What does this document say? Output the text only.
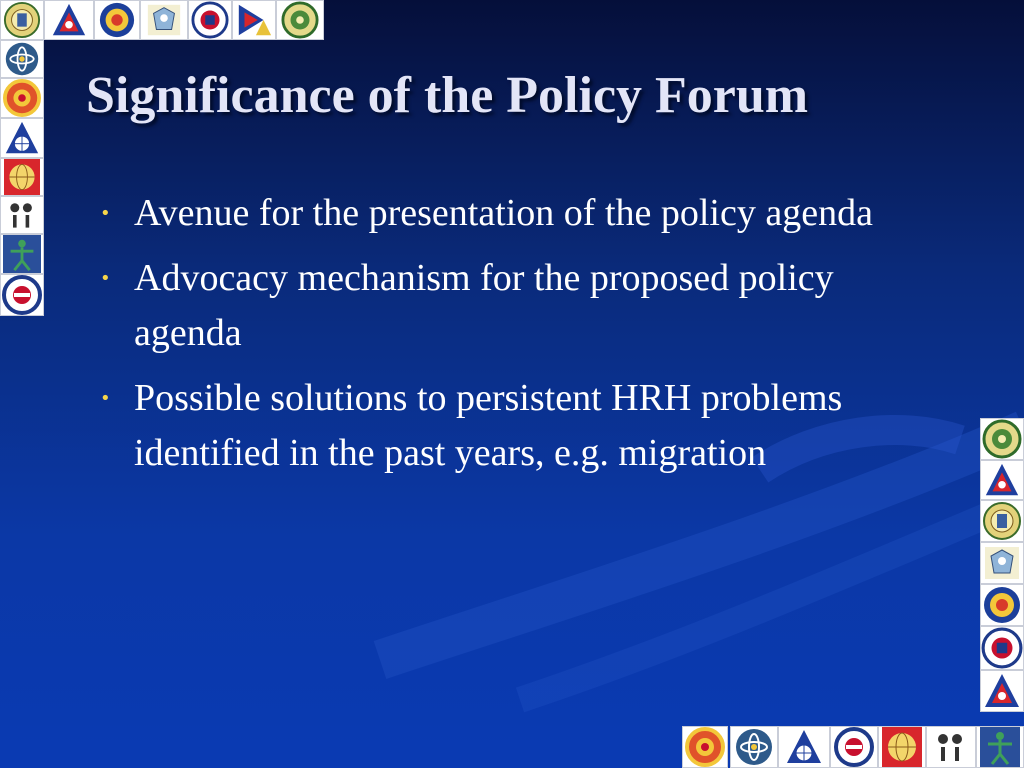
Significance of the Policy Forum
• Avenue for the presentation of the policy agenda
• Advocacy mechanism for the proposed policy agenda
• Possible solutions to persistent HRH problems identified in the past years, e.g. migration
